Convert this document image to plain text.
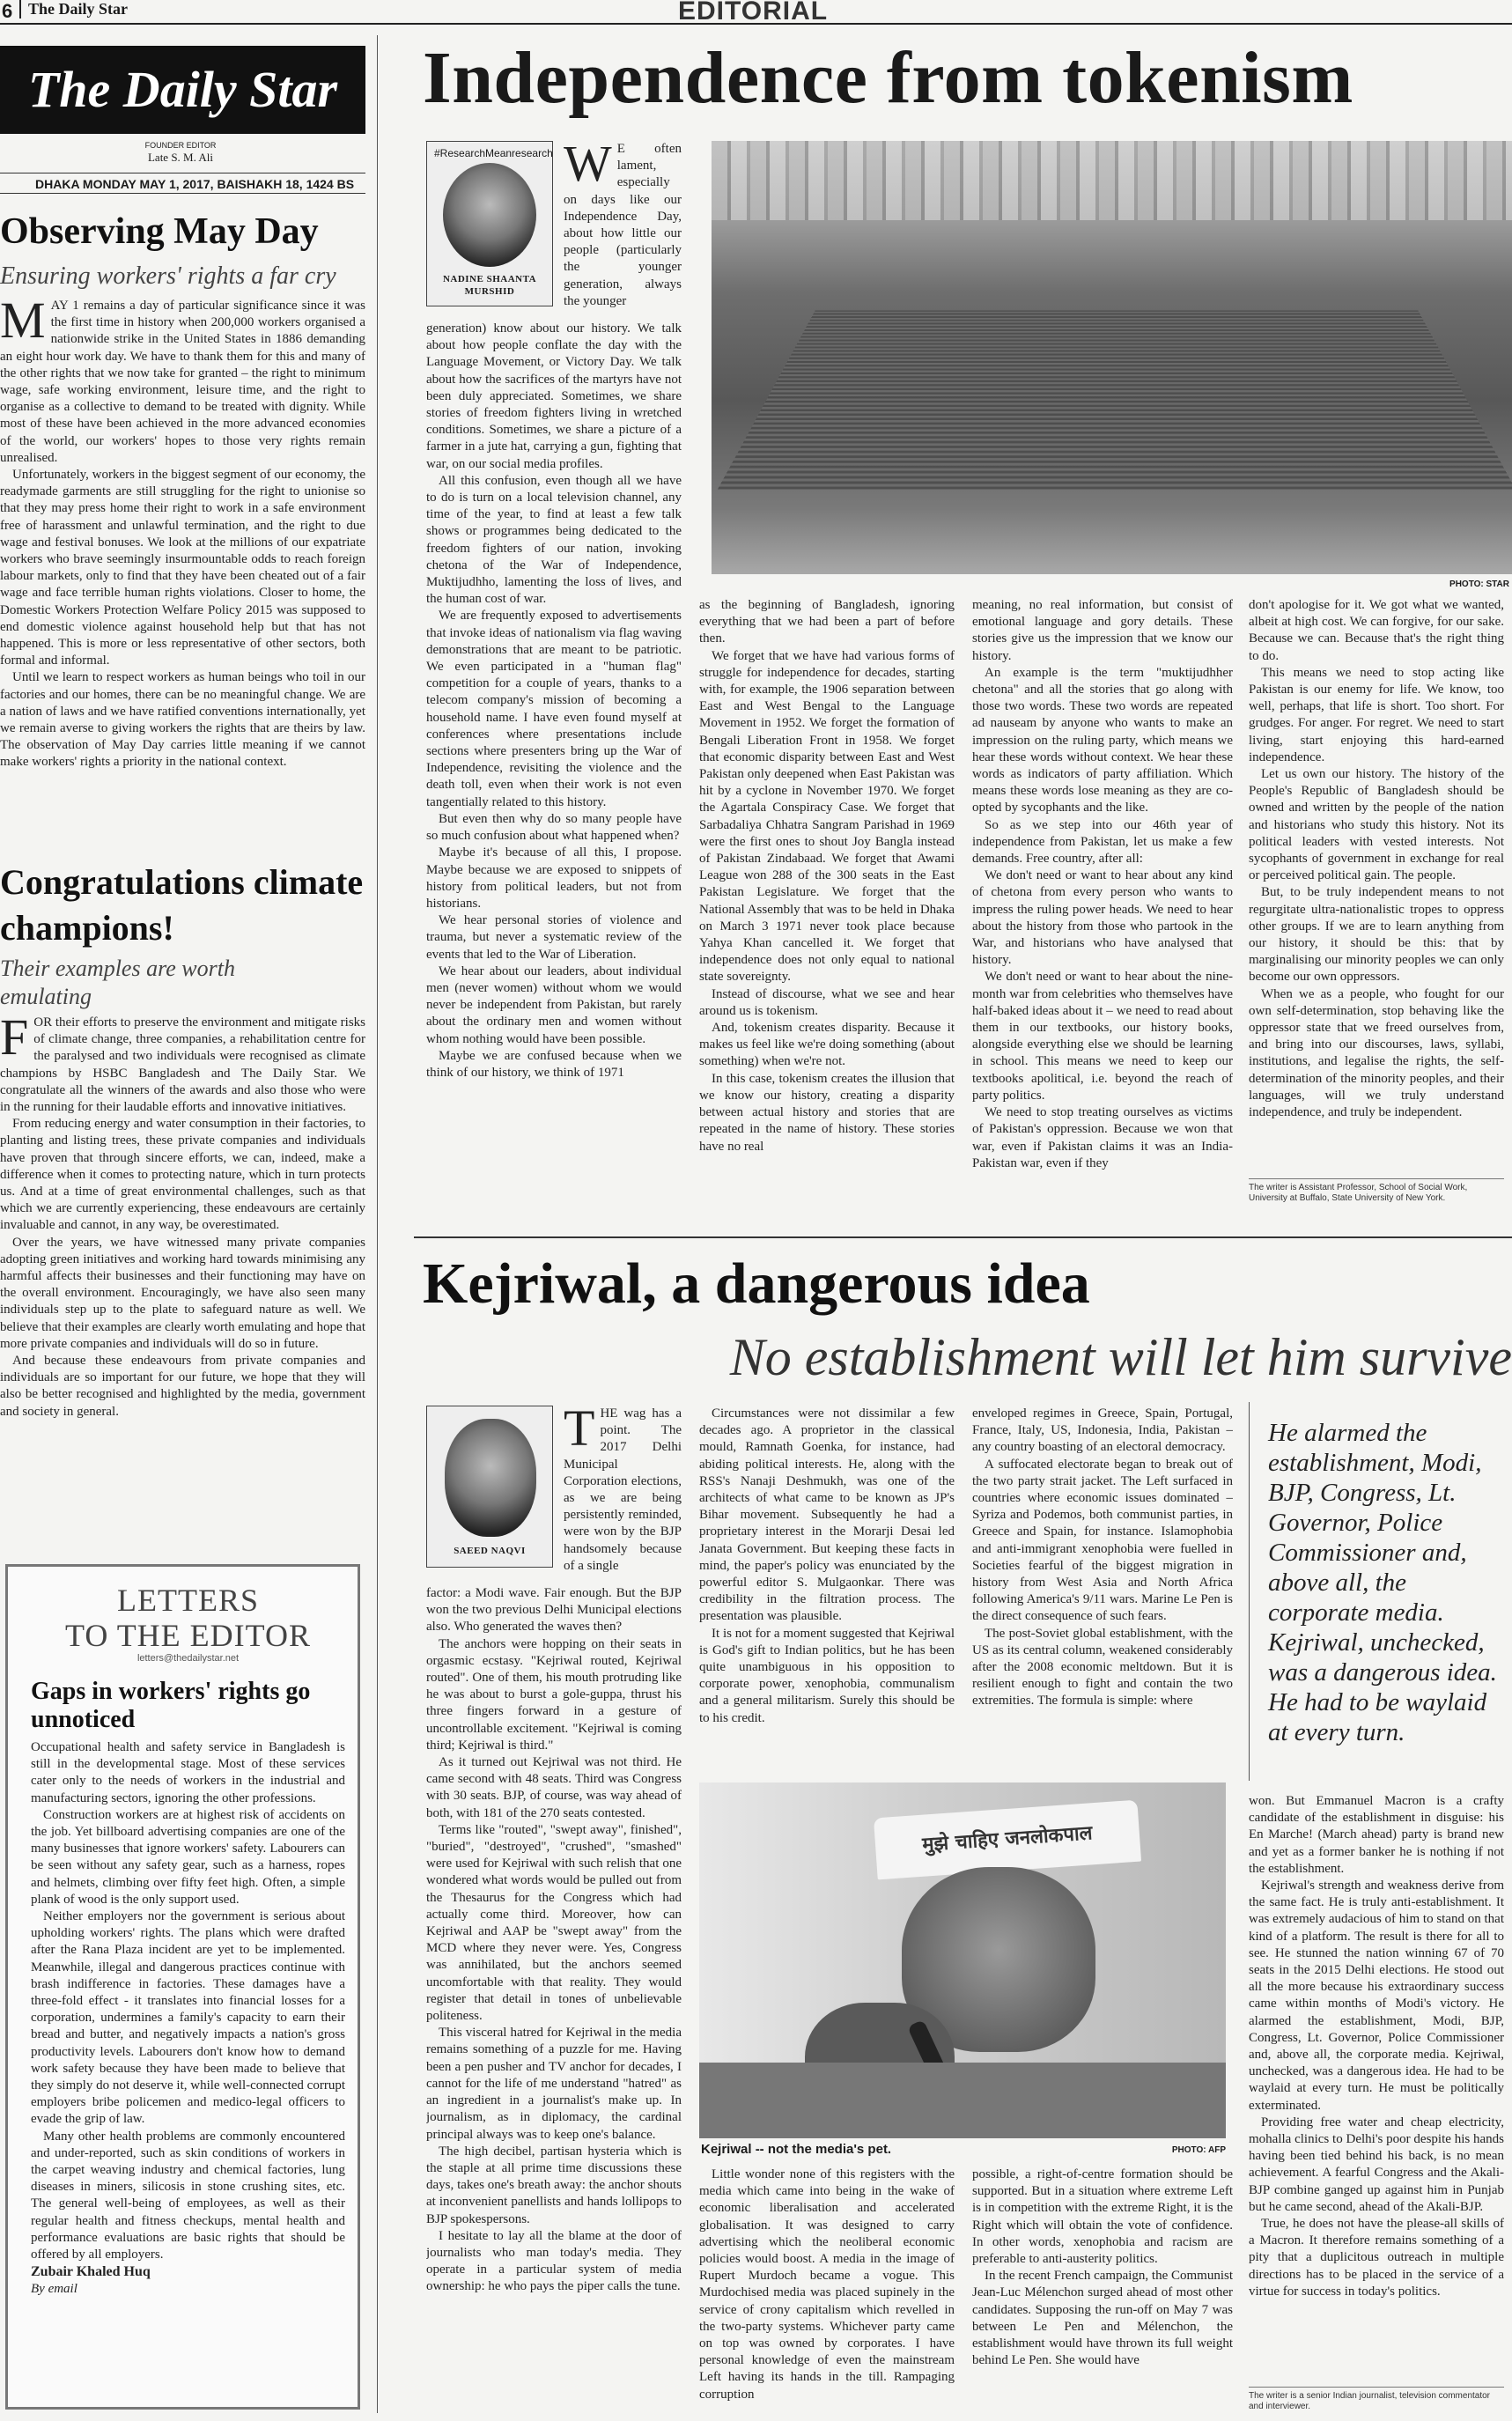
6 The Daily Star	EDITORIAL
The Daily Star
FOUNDER EDITOR
Late S. M. Ali
DHAKA MONDAY MAY 1, 2017, BAISHAKH 18, 1424 BS
Observing May Day
Ensuring workers' rights a far cry
M AY 1 remains a day of particular significance since it was the first time in history when 200,000 workers organised a nationwide strike in the United States in 1886 demanding an eight hour work day. We have to thank them for this and many of the other rights that we now take for granted – the right to minimum wage, safe working environment, leisure time, and the right to organise as a collective to demand to be treated with dignity. While most of these have been achieved in the more advanced economies of the world, our workers' hopes to those very rights remain unrealised.

Unfortunately, workers in the biggest segment of our economy, the readymade garments are still struggling for the right to unionise so that they may press home their right to work in a safe environment free of harassment and unlawful termination, and the right to due wage and festival bonuses. We look at the millions of our expatriate workers who brave seemingly insurmountable odds to reach foreign labour markets, only to find that they have been cheated out of a fair wage and face terrible human rights violations. Closer to home, the Domestic Workers Protection Welfare Policy 2015 was supposed to end domestic violence against household help but that has not happened. This is more or less representative of other sectors, both formal and informal.

Until we learn to respect workers as human beings who toil in our factories and our homes, there can be no meaningful change. We are a nation of laws and we have ratified conventions internationally, yet we remain averse to giving workers the rights that are theirs by law. The observation of May Day carries little meaning if we cannot make workers' rights a priority in the national context.

Congratulations climate champions!
Their examples are worth emulating
F OR their efforts to preserve the environment and mitigate risks of climate change, three companies, a rehabilitation centre for the paralysed and two individuals were recognised as climate champions by HSBC Bangladesh and The Daily Star. We congratulate all the winners of the awards and also those who were in the running for their laudable efforts and innovative initiatives.

From reducing energy and water consumption in their factories, to planting and listing trees, these private companies and individuals have proven that through sincere efforts, we can, indeed, make a difference when it comes to protecting nature, which in turn protects us. And at a time of great environmental challenges, such as that which we are currently experiencing, these endeavours are certainly invaluable and cannot, in any way, be overestimated.

Over the years, we have witnessed many private companies adopting green initiatives and working hard towards minimising any harmful affects their businesses and their functioning may have on the overall environment. Encouragingly, we have also seen many individuals step up to the plate to safeguard nature as well. We believe that their examples are clearly worth emulating and hope that more private companies and individuals will do so in future.

And because these endeavours from private companies and individuals are so important for our future, we hope that they will also be better recognised and highlighted by the media, government and society in general.

LETTERS
TO THE EDITOR
letters@thedailystar.net
Gaps in workers' rights go unnoticed

Occupational health and safety service in Bangladesh is still in the developmental stage. Most of these services cater only to the needs of workers in the industrial and manufacturing sectors, ignoring the other professions.

Construction workers are at highest risk of accidents on the job. Yet billboard advertising companies are one of the many businesses that ignore workers' safety. Labourers can be seen without any safety gear, such as a harness, ropes and helmets, climbing over fifty feet high. Often, a simple plank of wood is the only support used.

Neither employers nor the government is serious about upholding workers' rights. The plans which were drafted after the Rana Plaza incident are yet to be implemented. Meanwhile, illegal and dangerous practices continue with brash indifference in factories. These damages have a three-fold effect - it translates into financial losses for a corporation, undermines a family's capacity to earn their bread and butter, and negatively impacts a nation's gross productivity levels. Labourers don't know how to demand work safety because they have been made to believe that they simply do not deserve it, while well-connected corrupt employers bribe policemen and medico-legal officers to evade the grip of law.

Many other health problems are commonly encountered and under-reported, such as skin conditions of workers in the carpet weaving industry and chemical factories, lung diseases in miners, silicosis in stone crushing sites, etc. The general well-being of employees, as well as their regular health and fitness checkups, mental health and performance evaluations are basic rights that should be offered by all employers.

Zubair Khaled Huq
By email
Independence from tokenism
#ResearchMeanresearch
NADINE SHAANTA
MURSHID
W E often lament, especially on days like our Independence Day, about how little our people (particularly the younger generation, always the younger

generation) know about our history. We talk about how people conflate the day with the Language Movement, or Victory Day. We talk about how the sacrifices of the martyrs have not been duly appreciated. Sometimes, we share stories of freedom fighters living in wretched conditions. Sometimes, we share a picture of a farmer in a jute hat, carrying a gun, fighting that war, on our social media profiles.

All this confusion, even though all we have to do is turn on a local television channel, any time of the year, to find at least a few talk shows or programmes being dedicated to the freedom fighters of our nation, invoking chetona of the War of Independence, Muktijudhho, lamenting the loss of lives, and the human cost of war.

We are frequently exposed to advertisements that invoke ideas of nationalism via flag waving demonstrations that are meant to be patriotic. We even participated in a "human flag" competition for a couple of years, thanks to a telecom company's mission of becoming a household name. I have even found myself at conferences where presentations include sections where presenters bring up the War of Independence, revisiting the violence and the death toll, even when their work is not even tangentially related to this history.

But even then why do so many people have so much confusion about what happened when?

Maybe it's because of all this, I propose. Maybe because we are exposed to snippets of history from political leaders, but not from historians.

We hear personal stories of violence and trauma, but never a systematic review of the events that led to the War of Liberation.

We hear about our leaders, about individual men (never women) without whom we would never be independent from Pakistan, but rarely about the ordinary men and women without whom nothing would have been possible.

Maybe we are confused because when we think of our history, we think of 1971

PHOTO: STAR

as the beginning of Bangladesh, ignoring everything that we had been a part of before then.

We forget that we have had various forms of struggle for independence for decades, starting with, for example, the 1906 separation between East and West Bengal to the Language Movement in 1952. We forget the formation of Bengali Liberation Front in 1958. We forget that economic disparity between East and West Pakistan only deepened when East Pakistan was hit by a cyclone in November 1970. We forget the Agartala Conspiracy Case. We forget that Sarbadaliya Chhatra Sangram Parishad in 1969 were the first ones to shout Joy Bangla instead of Pakistan Zindabaad. We forget that Awami League won 288 of the 300 seats in the East Pakistan Legislature. We forget that the National Assembly that was to be held in Dhaka on March 3 1971 never took place because Yahya Khan cancelled it. We forget that independence does not only equal to national state sovereignty.

Instead of discourse, what we see and hear around us is tokenism.

And, tokenism creates disparity. Because it makes us feel like we're doing something (about something) when we're not.

In this case, tokenism creates the illusion that we know our history, creating a disparity between actual history and stories that are repeated in the name of history. These stories have no real

meaning, no real information, but consist of emotional language and gory details. These stories give us the impression that we know our history.

An example is the term "muktijudhher chetona" and all the stories that go along with those two words. These two words are repeated ad nauseam by anyone who wants to make an impression on the ruling party, which means we hear these words without context. We hear these words as indicators of party affiliation. Which means these words lose meaning as they are co-opted by sycophants and the like.

So as we step into our 46th year of independence from Pakistan, let us make a few demands. Free country, after all:

We don't need or want to hear about any kind of chetona from every person who wants to impress the ruling power heads. We need to hear about the history from those who partook in the War, and historians who have analysed that history.

We don't need or want to hear about the nine-month war from celebrities who themselves have half-baked ideas about it – we need to read about them in our textbooks, our history books, alongside everything else we should be learning in school. This means we need to keep our textbooks apolitical, i.e. beyond the reach of party politics.

We need to stop treating ourselves as victims of Pakistan's oppression. Because we won that war, even if Pakistan claims it was an India-Pakistan war, even if they

don't apologise for it. We got what we wanted, albeit at high cost. We can forgive, for our sake. Because we can. Because that's the right thing to do.

This means we need to stop acting like Pakistan is our enemy for life. We know, too well, perhaps, that life is short. Too short. For grudges. For anger. For regret. We need to start living, start enjoying this hard-earned independence.

Let us own our history. The history of the People's Republic of Bangladesh should be owned and written by the people of the nation and historians who study this history. Not its political leaders with vested interests. Not sycophants of government in exchange for real or perceived political gain. The people.

But, to be truly independent means to not regurgitate ultra-nationalistic tropes to oppress other groups. If we are to learn anything from our history, it should be this: that by marginalising our minority peoples we can only become our own oppressors.

When we as a people, who fought for our own self-determination, stop behaving like the oppressor state that we freed ourselves from, and bring into our discourses, laws, syllabi, institutions, and legalise the rights, the self-determination of the minority peoples, and their languages, will we truly understand independence, and truly be independent.

The writer is Assistant Professor, School of Social Work, University at Buffalo, State University of New York.
Kejriwal, a dangerous idea
No establishment will let him survive
SAEED NAQVI
T HE wag has a point. The 2017 Delhi Municipal Corporation elections, as we are being persistently reminded, were won by the BJP handsomely because of a single

factor: a Modi wave. Fair enough. But the BJP won the two previous Delhi Municipal elections also. Who generated the waves then?

The anchors were hopping on their seats in orgasmic ecstasy. "Kejriwal routed, Kejriwal routed". One of them, his mouth protruding like he was about to burst a gole-guppa, thrust his three fingers forward in a gesture of uncontrollable excitement. "Kejriwal is coming third; Kejriwal is third."

As it turned out Kejriwal was not third. He came second with 48 seats. Third was Congress with 30 seats. BJP, of course, was way ahead of both, with 181 of the 270 seats contested.

Terms like "routed", "swept away", finished", "buried", "destroyed", "crushed", "smashed" were used for Kejriwal with such relish that one wondered what words would be pulled out from the Thesaurus for the Congress which had actually come third. Moreover, how can Kejriwal and AAP be "swept away" from the MCD where they never were. Yes, Congress was annihilated, but the anchors seemed uncomfortable with that reality. They would register that detail in tones of unbelievable politeness.

This visceral hatred for Kejriwal in the media remains something of a puzzle for me. Having been a pen pusher and TV anchor for decades, I cannot for the life of me understand "hatred" as an ingredient in a journalist's make up. In journalism, as in diplomacy, the cardinal principal always was to keep one's balance.

The high decibel, partisan hysteria which is the staple at all prime time discussions these days, takes one's breath away: the anchor shouts at inconvenient panellists and hands lollipops to BJP spokespersons.

I hesitate to lay all the blame at the door of journalists who man today's media. They operate in a particular system of media ownership: he who pays the piper calls the tune.

Circumstances were not dissimilar a few decades ago. A proprietor in the classical mould, Ramnath Goenka, for instance, had abiding political interests. He, along with the RSS's Nanaji Deshmukh, was one of the architects of what came to be known as JP's Bihar movement. Subsequently he had a proprietary interest in the Morarji Desai led Janata Government. But keeping these facts in mind, the paper's policy was enunciated by the powerful editor S. Mulgaonkar. There was credibility in the filtration process. The presentation was plausible.

It is not for a moment suggested that Kejriwal is God's gift to Indian politics, but he has been quite unambiguous in his opposition to corporate power, xenophobia, communalism and a general militarism. Surely this should be to his credit.

enveloped regimes in Greece, Spain, Portugal, France, Italy, US, Indonesia, India, Pakistan – any country boasting of an electoral democracy.

A suffocated electorate began to break out of the two party strait jacket. The Left surfaced in countries where economic issues dominated – Syriza and Podemos, both communist parties, in Greece and Spain, for instance. Islamophobia and anti-immigrant xenophobia were fuelled in Societies fearful of the biggest migration in history from West Asia and North Africa following America's 9/11 wars. Marine Le Pen is the direct consequence of such fears.

The post-Soviet global establishment, with the US as its central column, weakened considerably after the 2008 economic meltdown. But it is resilient enough to fight and contain the two extremities. The formula is simple: where

He alarmed the establishment, Modi, BJP, Congress, Lt. Governor, Police Commissioner and, above all, the corporate media. Kejriwal, unchecked, was a dangerous idea. He had to be waylaid at every turn.
मुझे चाहिए जनलोकपाल
Kejriwal -- not the media's pet.	PHOTO: AFP

Little wonder none of this registers with the media which came into being in the wake of economic liberalisation and accelerated globalisation. It was designed to carry advertising which the neoliberal economic policies would boost. A media in the image of Rupert Murdoch became a vogue. This Murdochised media was placed supinely in the service of crony capitalism which revelled in the two-party systems. Whichever party came on top was owned by corporates. I have personal knowledge of even the mainstream Left having its hands in the till. Rampaging corruption

possible, a right-of-centre formation should be supported. But in a situation where extreme Left is in competition with the extreme Right, it is the Right which will obtain the vote of confidence. In other words, xenophobia and racism are preferable to anti-austerity politics.

In the recent French campaign, the Communist Jean-Luc Mélenchon surged ahead of most other candidates. Supposing the run-off on May 7 was between Le Pen and Mélenchon, the establishment would have thrown its full weight behind Le Pen. She would have

won. But Emmanuel Macron is a crafty candidate of the establishment in disguise: his En Marche! (March ahead) party is brand new and yet as a former banker he is nothing if not the establishment.

Kejriwal's strength and weakness derive from the same fact. He is truly anti-establishment. It was extremely audacious of him to stand on that kind of a platform. The result is there for all to see. He stunned the nation winning 67 of 70 seats in the 2015 Delhi elections. He stood out all the more because his extraordinary success came within months of Modi's victory. He alarmed the establishment, Modi, BJP, Congress, Lt. Governor, Police Commissioner and, above all, the corporate media. Kejriwal, unchecked, was a dangerous idea. He had to be waylaid at every turn. He must be politically exterminated.

Providing free water and cheap electricity, mohalla clinics to Delhi's poor despite his hands having been tied behind his back, is no mean achievement. A fearful Congress and the Akali-BJP combine ganged up against him in Punjab but he came second, ahead of the Akali-BJP.

True, he does not have the please-all skills of a Macron. It therefore remains something of a pity that a duplicitous outreach in multiple directions has to be placed in the service of a virtue for success in today's politics.

The writer is a senior Indian journalist, television commentator and interviewer.
